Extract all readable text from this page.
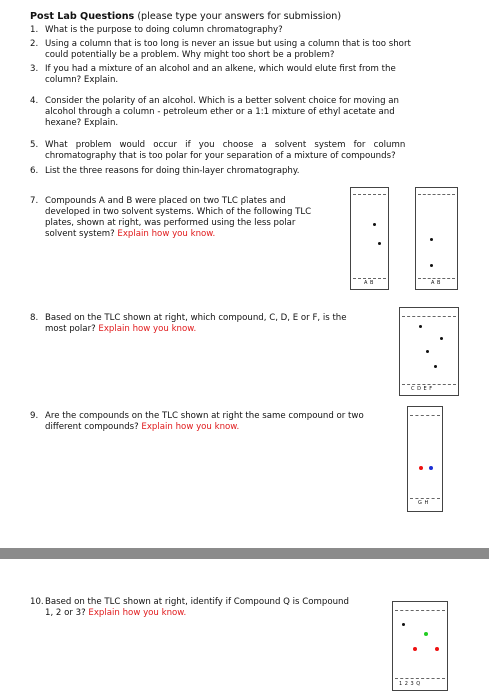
Post Lab Questions (please type your answers for submission)
1. What is the purpose to doing column chromatography?
2. Using a column that is too long is never an issue but using a column that is too short
could potentially be a problem. Why might too short be a problem?
3. If you had a mixture of an alcohol and an alkene, which would elute first from the
column? Explain.
4. Consider the polarity of an alcohol. Which is a better solvent choice for moving an
alcohol through a column - petroleum ether or a 1:1 mixture of ethyl acetate and
hexane? Explain.
5. What   problem   would   occur   if   you   choose   a   solvent   system   for   column
chromatography that is too polar for your separation of a mixture of compounds?
6. List the three reasons for doing thin-layer chromatography.
7. Compounds A and B were placed on two TLC plates and
developed in two solvent systems. Which of the following TLC
plates, shown at right, was performed using the less polar
solvent system? Explain how you know.
A B	A B
8. Based on the TLC shown at right, which compound, C, D, E or F, is the
most polar? Explain how you know.
C D E F
9. Are the compounds on the TLC shown at right the same compound or two
different compounds? Explain how you know.
G H
10. Based on the TLC shown at right, identify if Compound Q is Compound
1, 2 or 3? Explain how you know.
1 2 3 Q
